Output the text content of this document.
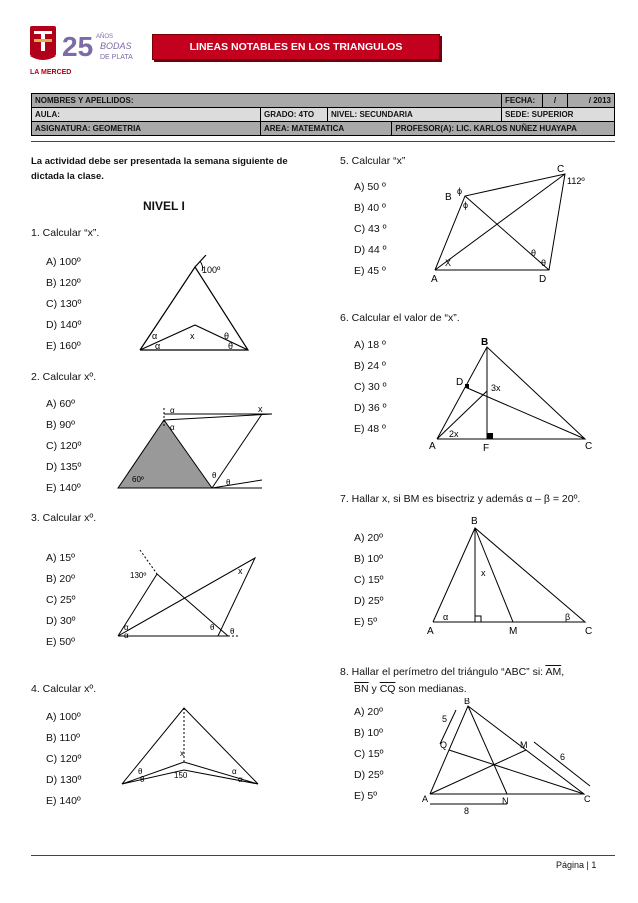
25 AÑOS
BODAS
DE PLATA
LA MERCED
LINEAS NOTABLES EN LOS TRIANGULOS
NOMBRES Y APELLIDOS:				FECHA:	/	/ 2013
AULA:	GRADO: 4TO	NIVEL: SECUNDARIA		SEDE: SUPERIOR		
ASIGNATURA: GEOMETRIA	AREA: MATEMATICA		PROFESOR(A): LIC. KARLOS NUÑEZ HUAYAPA			
La actividad debe ser presentada la semana siguiente de dictada la clase.
NIVEL I
1. Calcular “x”.
A) 100º
B) 120º
C) 130º
D) 140º
E) 160º
100º
x
α
α
θ
θ
2. Calcular xº.
A) 60º
B) 90º
C) 120º
D) 135º
E) 140º
α
α
x
60º	θ
θ
3. Calcular xº.
A) 15º
B) 20º
C) 25º
D) 30º
E) 50º
130º	x
α
α
θ θ
4. Calcular xº.
A) 100º
B) 110º
C) 120º
D) 130º
E) 140º
x
150
θ
θ
α
α
5. Calcular “x”
A) 50 º
B) 40 º
C) 43 º
D) 44 º
E) 45 º
C
B
A	D
112º
ϕ
ϕ
X
θ
θ
6. Calcular el valor de “x”.
A) 18 º
B) 24 º
C) 30 º
D) 36 º
E) 48 º
B
D
A	F	C
3x
2x
7. Hallar x, si BM es bisectriz y además α – β = 20º.
A) 20º
B) 10º
C) 15º
D) 25º
E) 5º
B
A	M	C
x
α	β
8. Hallar el perímetro del triángulo “ABC” si: $\overline{AM}$,
$\overline{BN}$ y $\overline{CQ}$ son medianas.
A) 20º
B) 10º
C) 15º
D) 25º
E) 5º
B
Q	M
A	N	C
5
6
8
Página | 1
